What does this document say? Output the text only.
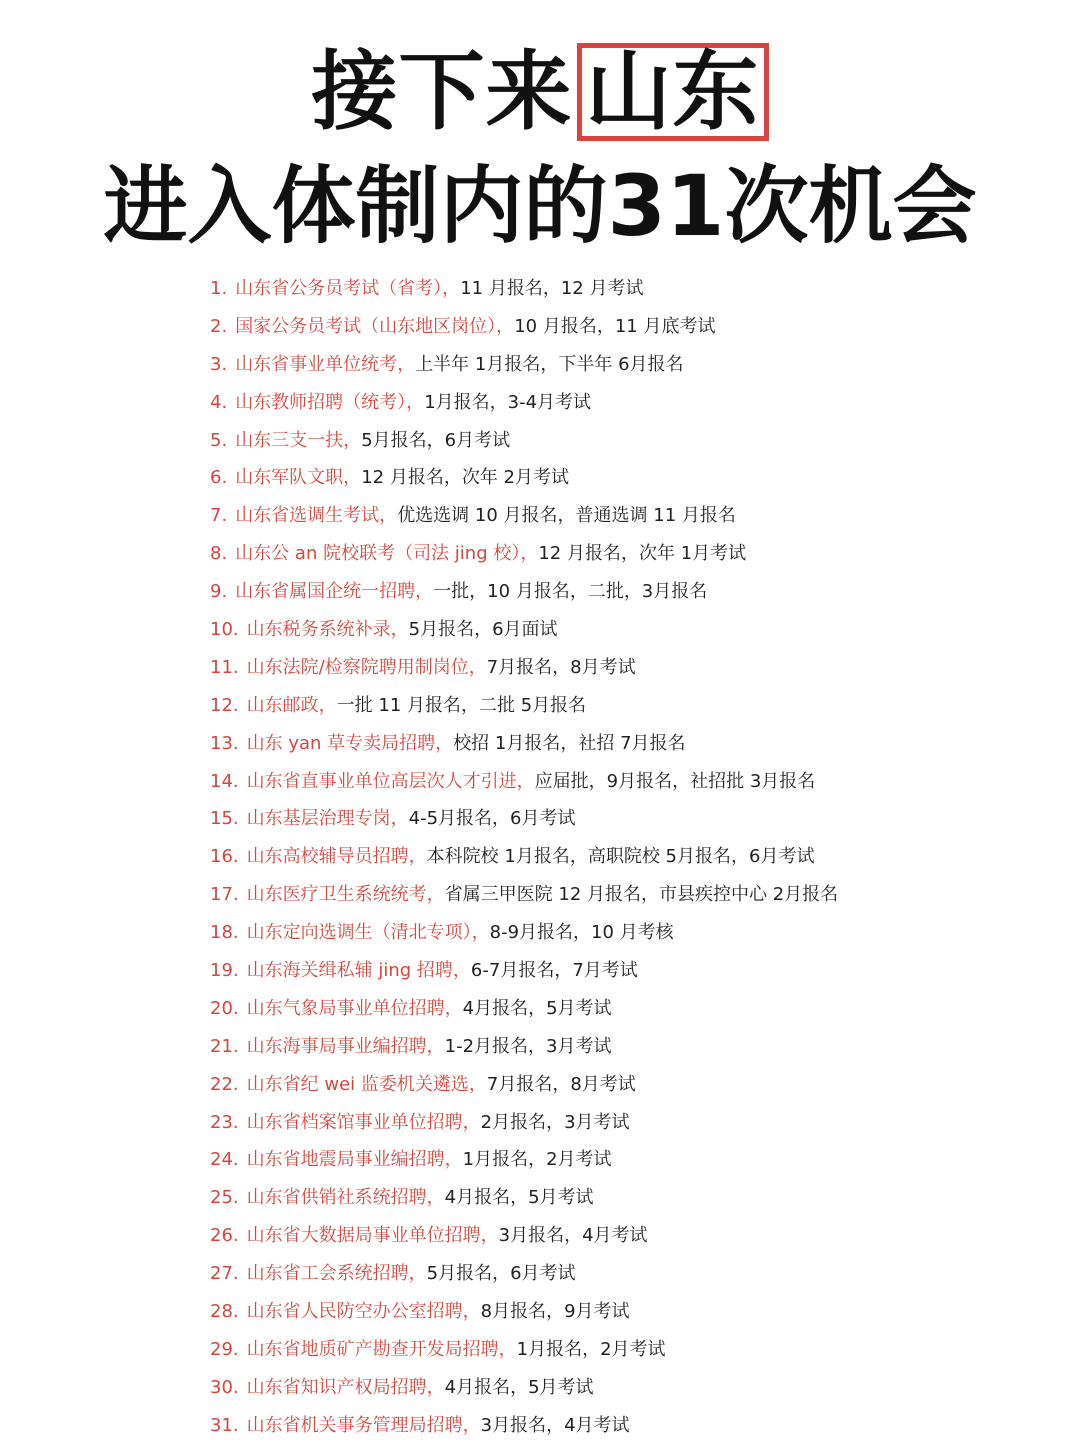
接下来 山东
进入体制内的31次机会
1. 山东省公务员考试（省考），11 月报名，12 月考试
2. 国家公务员考试（山东地区岗位），10 月报名，11 月底考试
3. 山东省事业单位统考，上半年 1月报名，下半年 6月报名
4. 山东教师招聘（统考），1月报名，3-4月考试
5. 山东三支一扶，5月报名，6月考试
6. 山东军队文职，12 月报名，次年 2月考试
7. 山东省选调生考试，优选选调 10 月报名，普通选调 11 月报名
8. 山东公 an 院校联考（司法 jing 校），12 月报名，次年 1月考试
9. 山东省属国企统一招聘，一批，10 月报名，二批，3月报名
10. 山东税务系统补录，5月报名，6月面试
11. 山东法院/检察院聘用制岗位，7月报名，8月考试
12. 山东邮政，一批 11 月报名，二批 5月报名
13. 山东 yan 草专卖局招聘，校招 1月报名，社招 7月报名
14. 山东省直事业单位高层次人才引进，应届批，9月报名，社招批 3月报名
15. 山东基层治理专岗，4-5月报名，6月考试
16. 山东高校辅导员招聘，本科院校 1月报名，高职院校 5月报名，6月考试
17. 山东医疗卫生系统统考，省属三甲医院 12 月报名，市县疾控中心 2月报名
18. 山东定向选调生（清北专项），8-9月报名，10 月考核
19. 山东海关缉私辅 jing 招聘，6-7月报名，7月考试
20. 山东气象局事业单位招聘，4月报名，5月考试
21. 山东海事局事业编招聘，1-2月报名，3月考试
22. 山东省纪 wei 监委机关遴选，7月报名，8月考试
23. 山东省档案馆事业单位招聘，2月报名，3月考试
24. 山东省地震局事业编招聘，1月报名，2月考试
25. 山东省供销社系统招聘，4月报名，5月考试
26. 山东省大数据局事业单位招聘，3月报名，4月考试
27. 山东省工会系统招聘，5月报名，6月考试
28. 山东省人民防空办公室招聘，8月报名，9月考试
29. 山东省地质矿产勘查开发局招聘，1月报名，2月考试
30. 山东省知识产权局招聘，4月报名，5月考试
31. 山东省机关事务管理局招聘，3月报名，4月考试
